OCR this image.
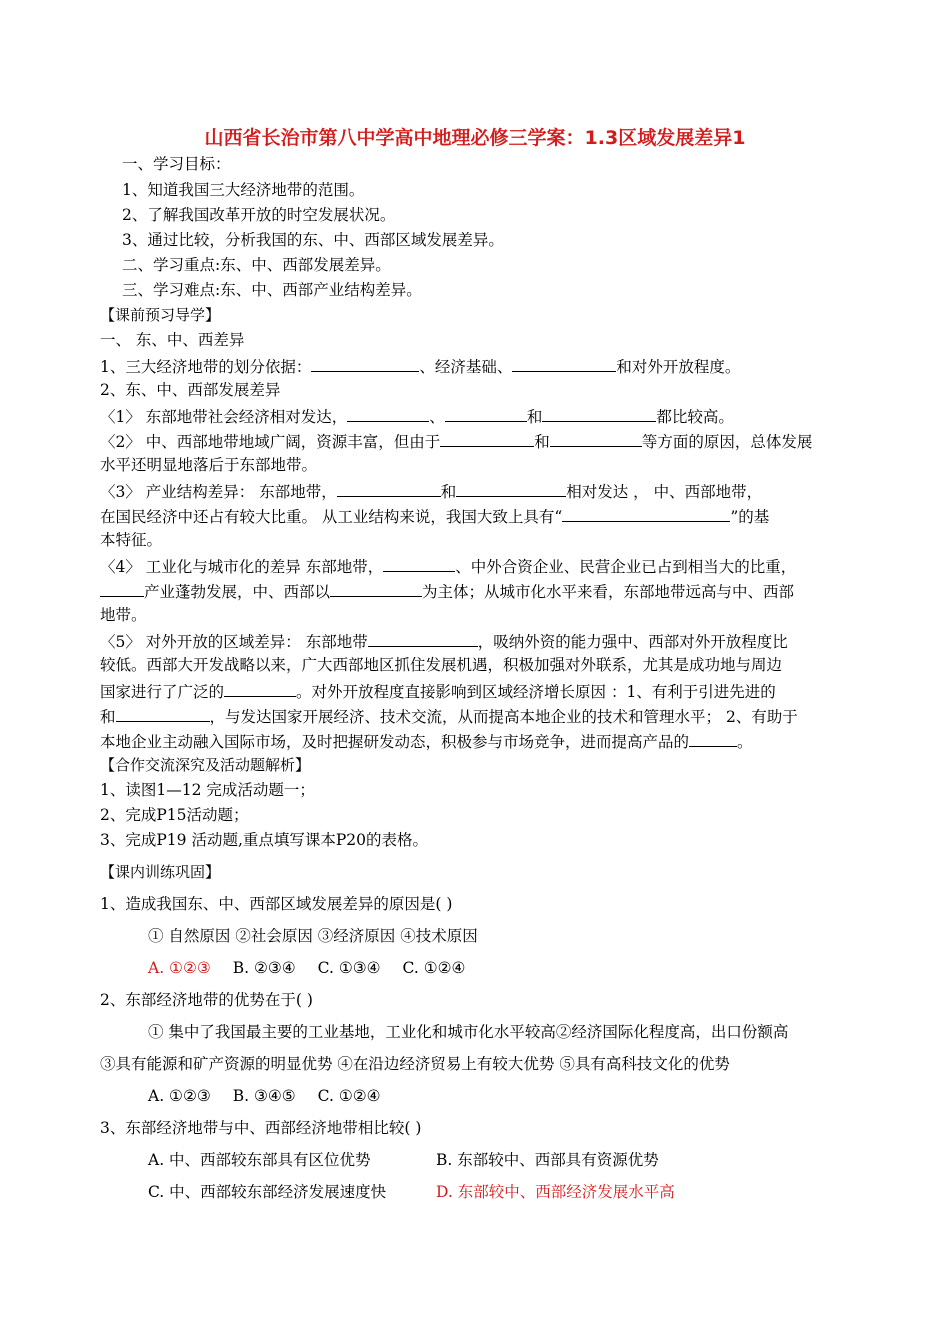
山西省长治市第八中学高中地理必修三学案：1.3区域发展差异1
一、学习目标：
1、知道我国三大经济地带的范围。
2、了解我国改革开放的时空发展状况。
3、通过比较，分析我国的东、中、西部区域发展差异。
二、学习重点:东、中、西部发展差异。
三、学习难点:东、中、西部产业结构差异。
【课前预习导学】
一、 东、中、西差异
1、三大经济地带的划分依据：	、经济基础、	和对外开放程度。
2、东、中、西部发展差异
〈1〉 东部地带社会经济相对发达，	、	和	都比较高。
〈2〉 中、西部地带地域广阔，资源丰富，但由于	和	等方面的原因，总体发展
水平还明显地落后于东部地带。
〈3〉 产业结构差异： 东部地带，	和	相对发达 ， 中、西部地带，
在国民经济中还占有较大比重。 从工业结构来说，我国大致上具有“	”的基
本特征。
〈4〉 工业化与城市化的差异 东部地带，	、中外合资企业、民营企业已占到相当大的比重，
产业蓬勃发展，中、西部以	为主体；从城市化水平来看，东部地带远高与中、西部
地带。
〈5〉 对外开放的区域差异： 东部地带	，吸纳外资的能力强中、西部对外开放程度比
较低。西部大开发战略以来，广大西部地区抓住发展机遇，积极加强对外联系，尤其是成功地与周边
国家进行了广泛的	。对外开放程度直接影响到区域经济增长原因 ：1、有利于引进先进的
和	，与发达国家开展经济、技术交流，从而提高本地企业的技术和管理水平； 2、有助于
本地企业主动融入国际市场，及时把握研发动态，积极参与市场竞争，进而提高产品的	。
【合作交流深究及活动题解析】
1、读图1—12 完成活动题一；
2、完成P15活动题；
3、完成P19 活动题,重点填写课本P20的表格。
【课内训练巩固】
1、造成我国东、中、西部区域发展差异的原因是( )
① 自然原因 ②社会原因 ③经济原因 ④技术原因
A. ①②③ B. ②③④ C. ①③④ C. ①②④
2、东部经济地带的优势在于( )
① 集中了我国最主要的工业基地，工业化和城市化水平较高②经济国际化程度高，出口份额高
③具有能源和矿产资源的明显优势 ④在沿边经济贸易上有较大优势 ⑤具有高科技文化的优势
A. ①②③ B. ③④⑤ C. ①②④
3、东部经济地带与中、西部经济地带相比较( )
A. 中、西部较东部具有区位优势	B. 东部较中、西部具有资源优势
C. 中、西部较东部经济发展速度快	D. 东部较中、西部经济发展水平高
